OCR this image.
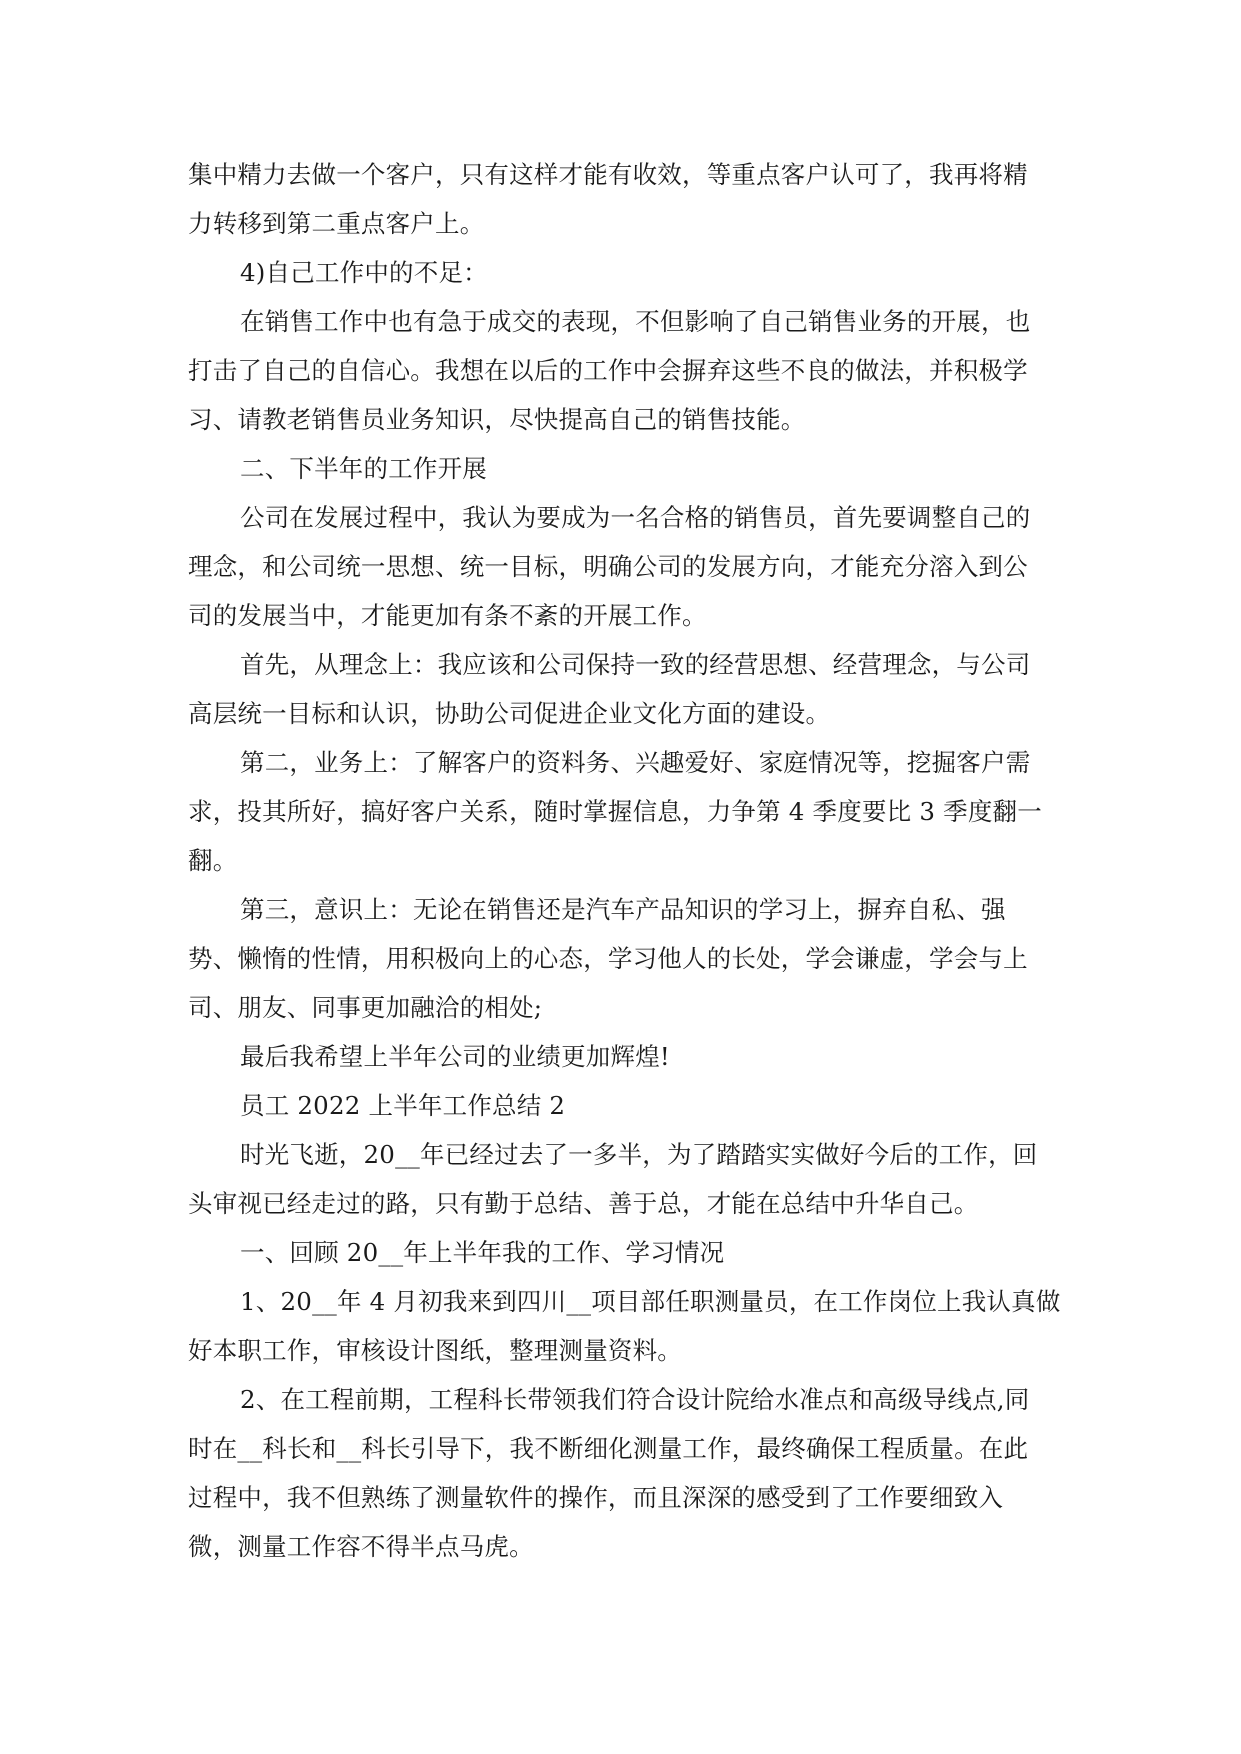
集中精力去做一个客户，只有这样才能有收效，等重点客户认可了，我再将精
力转移到第二重点客户上。
4)自己工作中的不足：
在销售工作中也有急于成交的表现，不但影响了自己销售业务的开展，也
打击了自己的自信心。我想在以后的工作中会摒弃这些不良的做法，并积极学
习、请教老销售员业务知识，尽快提高自己的销售技能。
二、下半年的工作开展
公司在发展过程中，我认为要成为一名合格的销售员，首先要调整自己的
理念，和公司统一思想、统一目标，明确公司的发展方向，才能充分溶入到公
司的发展当中，才能更加有条不紊的开展工作。
首先，从理念上：我应该和公司保持一致的经营思想、经营理念，与公司
高层统一目标和认识，协助公司促进企业文化方面的建设。
第二，业务上：了解客户的资料务、兴趣爱好、家庭情况等，挖掘客户需
求，投其所好，搞好客户关系，随时掌握信息，力争第 4 季度要比 3 季度翻一
翻。
第三，意识上：无论在销售还是汽车产品知识的学习上，摒弃自私、强
势、懒惰的性情，用积极向上的心态，学习他人的长处，学会谦虚，学会与上
司、朋友、同事更加融洽的相处;
最后我希望上半年公司的业绩更加辉煌!
员工 2022 上半年工作总结 2
时光飞逝，20__年已经过去了一多半，为了踏踏实实做好今后的工作，回
头审视已经走过的路，只有勤于总结、善于总，才能在总结中升华自己。
一、回顾 20__年上半年我的工作、学习情况
1、20__年 4 月初我来到四川__项目部任职测量员，在工作岗位上我认真做
好本职工作，审核设计图纸，整理测量资料。
2、在工程前期，工程科长带领我们符合设计院给水准点和高级导线点,同
时在__科长和__科长引导下，我不断细化测量工作，最终确保工程质量。在此
过程中，我不但熟练了测量软件的操作，而且深深的感受到了工作要细致入
微，测量工作容不得半点马虎。
